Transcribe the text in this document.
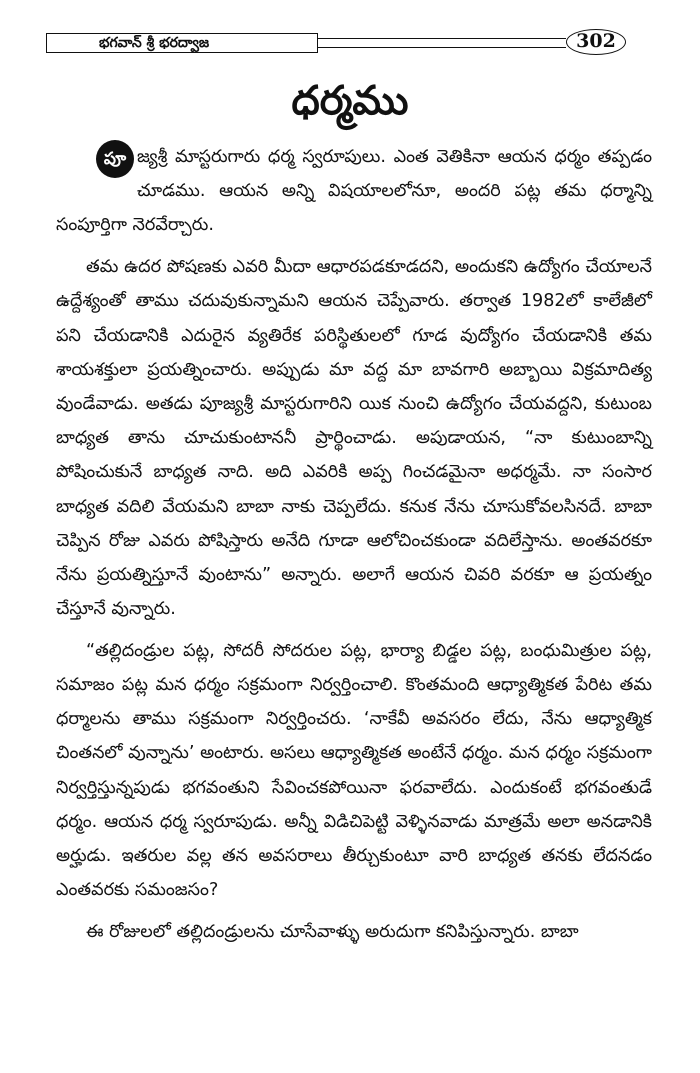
భగవాన్ శ్రీ భరద్వాజ	302
ధర్మము

పూ జ్యశ్రీ మాస్టరుగారు ధర్మ స్వరూపులు. ఎంత వెతికినా ఆయన ధర్మం తప్పడం చూడము. ఆయన అన్ని విషయాలలోనూ, అందరి పట్ల తమ ధర్మాన్ని సంపూర్తిగా నెరవేర్చారు.

తమ ఉదర పోషణకు ఎవరి మీదా ఆధారపడకూడదని, అందుకని ఉద్యోగం చేయాలనే ఉద్దేశ్యంతో తాము చదువుకున్నామని ఆయన చెప్పేవారు. తర్వాత 1982లో కాలేజీలో పని చేయడానికి ఎదురైన వ్యతిరేక పరిస్థితులలో గూడ వుద్యోగం చేయడానికి తమ శాయశక్తులా ప్రయత్నించారు. అప్పుడు మా వద్ద మా బావగారి అబ్బాయి విక్రమాదిత్య వుండేవాడు. అతడు పూజ్యశ్రీ మాస్టరుగారిని యిక నుంచి ఉద్యోగం చేయవద్దని, కుటుంబ బాధ్యత తాను చూచుకుంటాననీ ప్రార్థించాడు. అపుడాయన, “నా కుటుంబాన్ని పోషించుకునే బాధ్యత నాది. అది ఎవరికి అప్ప గించడమైనా అధర్మమే. నా సంసార బాధ్యత వదిలి వేయమని బాబా నాకు చెప్పలేదు. కనుక నేను చూసుకోవలసినదే. బాబా చెప్పిన రోజు ఎవరు పోషిస్తారు అనేది గూడా ఆలోచించకుండా వదిలేస్తాను. అంతవరకూ నేను ప్రయత్నిస్తూనే వుంటాను” అన్నారు. అలాగే ఆయన చివరి వరకూ ఆ ప్రయత్నం చేస్తూనే వున్నారు.

“తల్లిదండ్రుల పట్ల, సోదరీ సోదరుల పట్ల, భార్యా బిడ్డల పట్ల, బంధుమిత్రుల పట్ల, సమాజం పట్ల మన ధర్మం సక్రమంగా నిర్వర్తించాలి. కొంతమంది ఆధ్యాత్మికత పేరిట తమ ధర్మాలను తాము సక్రమంగా నిర్వర్తించరు. ‘నాకేవీ అవసరం లేదు, నేను ఆధ్యాత్మిక చింతనలో వున్నాను’ అంటారు. అసలు ఆధ్యాత్మికత అంటేనే ధర్మం. మన ధర్మం సక్రమంగా నిర్వర్తిస్తున్నపుడు భగవంతుని సేవించకపోయినా ఫరవాలేదు. ఎందుకంటే భగవంతుడే ధర్మం. ఆయన ధర్మ స్వరూపుడు. అన్నీ విడిచిపెట్టి వెళ్ళినవాడు మాత్రమే అలా అనడానికి అర్హుడు. ఇతరుల వల్ల తన అవసరాలు తీర్చుకుంటూ వారి బాధ్యత తనకు లేదనడం ఎంతవరకు సమంజసం?

ఈ రోజులలో తల్లిదండ్రులను చూసేవాళ్ళు అరుదుగా కనిపిస్తున్నారు. బాబా
